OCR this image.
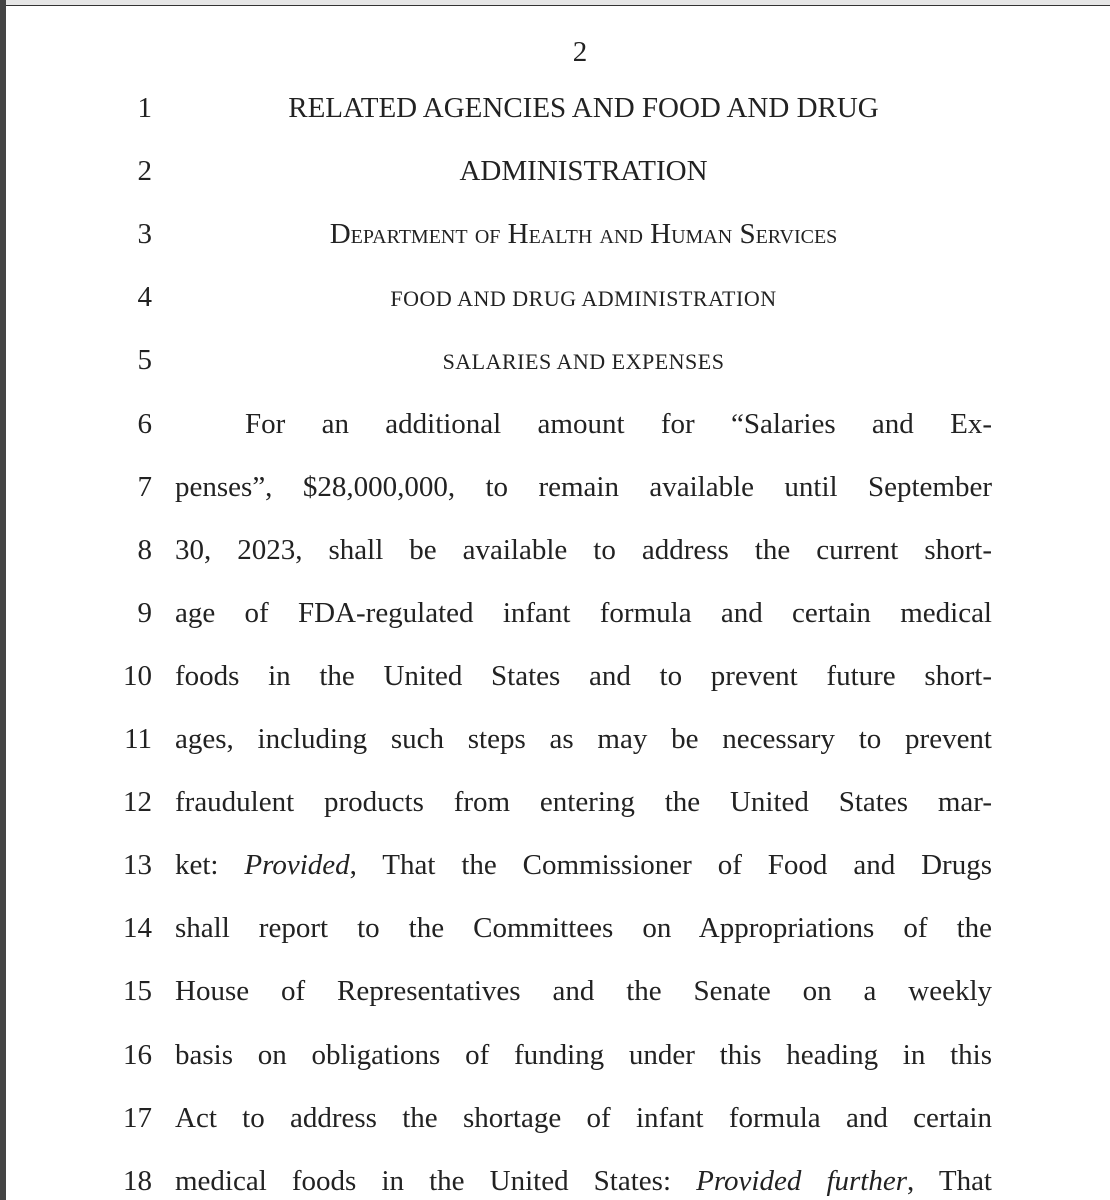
2
1	RELATED AGENCIES AND FOOD AND DRUG
2	ADMINISTRATION
3	Department of Health and Human Services
4	FOOD AND DRUG ADMINISTRATION
5	SALARIES AND EXPENSES
6	For an additional amount for “Salaries and Ex-
7 penses”, $28,000,000, to remain available until September
8 30, 2023, shall be available to address the current short-
9 age of FDA-regulated infant formula and certain medical
10 foods in the United States and to prevent future short-
11 ages, including such steps as may be necessary to prevent
12 fraudulent products from entering the United States mar-
13 ket: Provided, That the Commissioner of Food and Drugs
14 shall report to the Committees on Appropriations of the
15 House of Representatives and the Senate on a weekly
16 basis on obligations of funding under this heading in this
17 Act to address the shortage of infant formula and certain
18 medical foods in the United States: Provided further, That
